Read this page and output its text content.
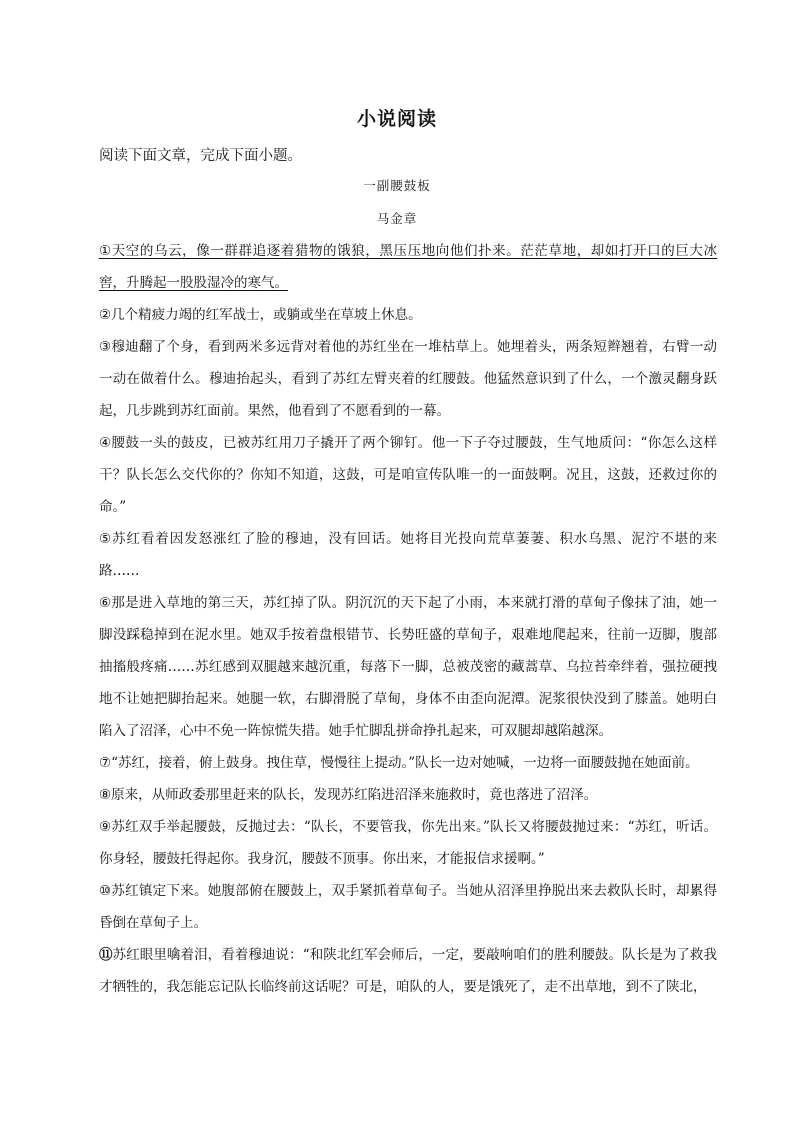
小说阅读
阅读下面文章，完成下面小题。
一副腰鼓板
马金章

①天空的乌云，像一群群追逐着猎物的饿狼，黑压压地向他们扑来。茫茫草地，却如打开口的巨大冰窖，升腾起一股股湿冷的寒气。

②几个精疲力竭的红军战士，或躺或坐在草坡上休息。

③穆迪翻了个身，看到两米多远背对着他的苏红坐在一堆枯草上。她埋着头，两条短辫翘着，右臂一动一动在做着什么。穆迪抬起头，看到了苏红左臂夹着的红腰鼓。他猛然意识到了什么，一个激灵翻身跃起，几步跳到苏红面前。果然，他看到了不愿看到的一幕。

④腰鼓一头的鼓皮，已被苏红用刀子撬开了两个铆钉。他一下子夺过腰鼓，生气地质问：“你怎么这样干？队长怎么交代你的？你知不知道，这鼓，可是咱宣传队唯一的一面鼓啊。况且，这鼓，还救过你的命。”

⑤苏红看着因发怒涨红了脸的穆迪，没有回话。她将目光投向荒草萋萋、积水乌黑、泥泞不堪的来路……

⑥那是进入草地的第三天，苏红掉了队。阴沉沉的天下起了小雨，本来就打滑的草甸子像抹了油，她一脚没踩稳掉到在泥水里。她双手按着盘根错节、长势旺盛的草甸子，艰难地爬起来，往前一迈脚，腹部抽搐般疼痛……苏红感到双腿越来越沉重，每落下一脚，总被茂密的藏蒿草、乌拉苔牵绊着，强拉硬拽地不让她把脚抬起来。她腿一软，右脚滑脱了草甸，身体不由歪向泥潭。泥浆很快没到了膝盖。她明白陷入了沼泽，心中不免一阵惊慌失措。她手忙脚乱拼命挣扎起来，可双腿却越陷越深。

⑦“苏红，接着，俯上鼓身。拽住草，慢慢往上提动。”队长一边对她喊，一边将一面腰鼓抛在她面前。

⑧原来，从师政委那里赶来的队长，发现苏红陷进沼泽来施救时，竟也落进了沼泽。

⑨苏红双手举起腰鼓，反抛过去：“队长，不要管我，你先出来。”队长又将腰鼓抛过来：“苏红，听话。你身轻，腰鼓托得起你。我身沉，腰鼓不顶事。你出来，才能报信求援啊。”

⑩苏红镇定下来。她腹部俯在腰鼓上，双手紧抓着草甸子。当她从沼泽里挣脱出来去救队长时，却累得昏倒在草甸子上。

⑪苏红眼里噙着泪，看着穆迪说：“和陕北红军会师后，一定，要敲响咱们的胜利腰鼓。队长是为了救我才牺牲的，我怎能忘记队长临终前这话呢？可是，咱队的人，要是饿死了，走不出草地，到不了陕北，
